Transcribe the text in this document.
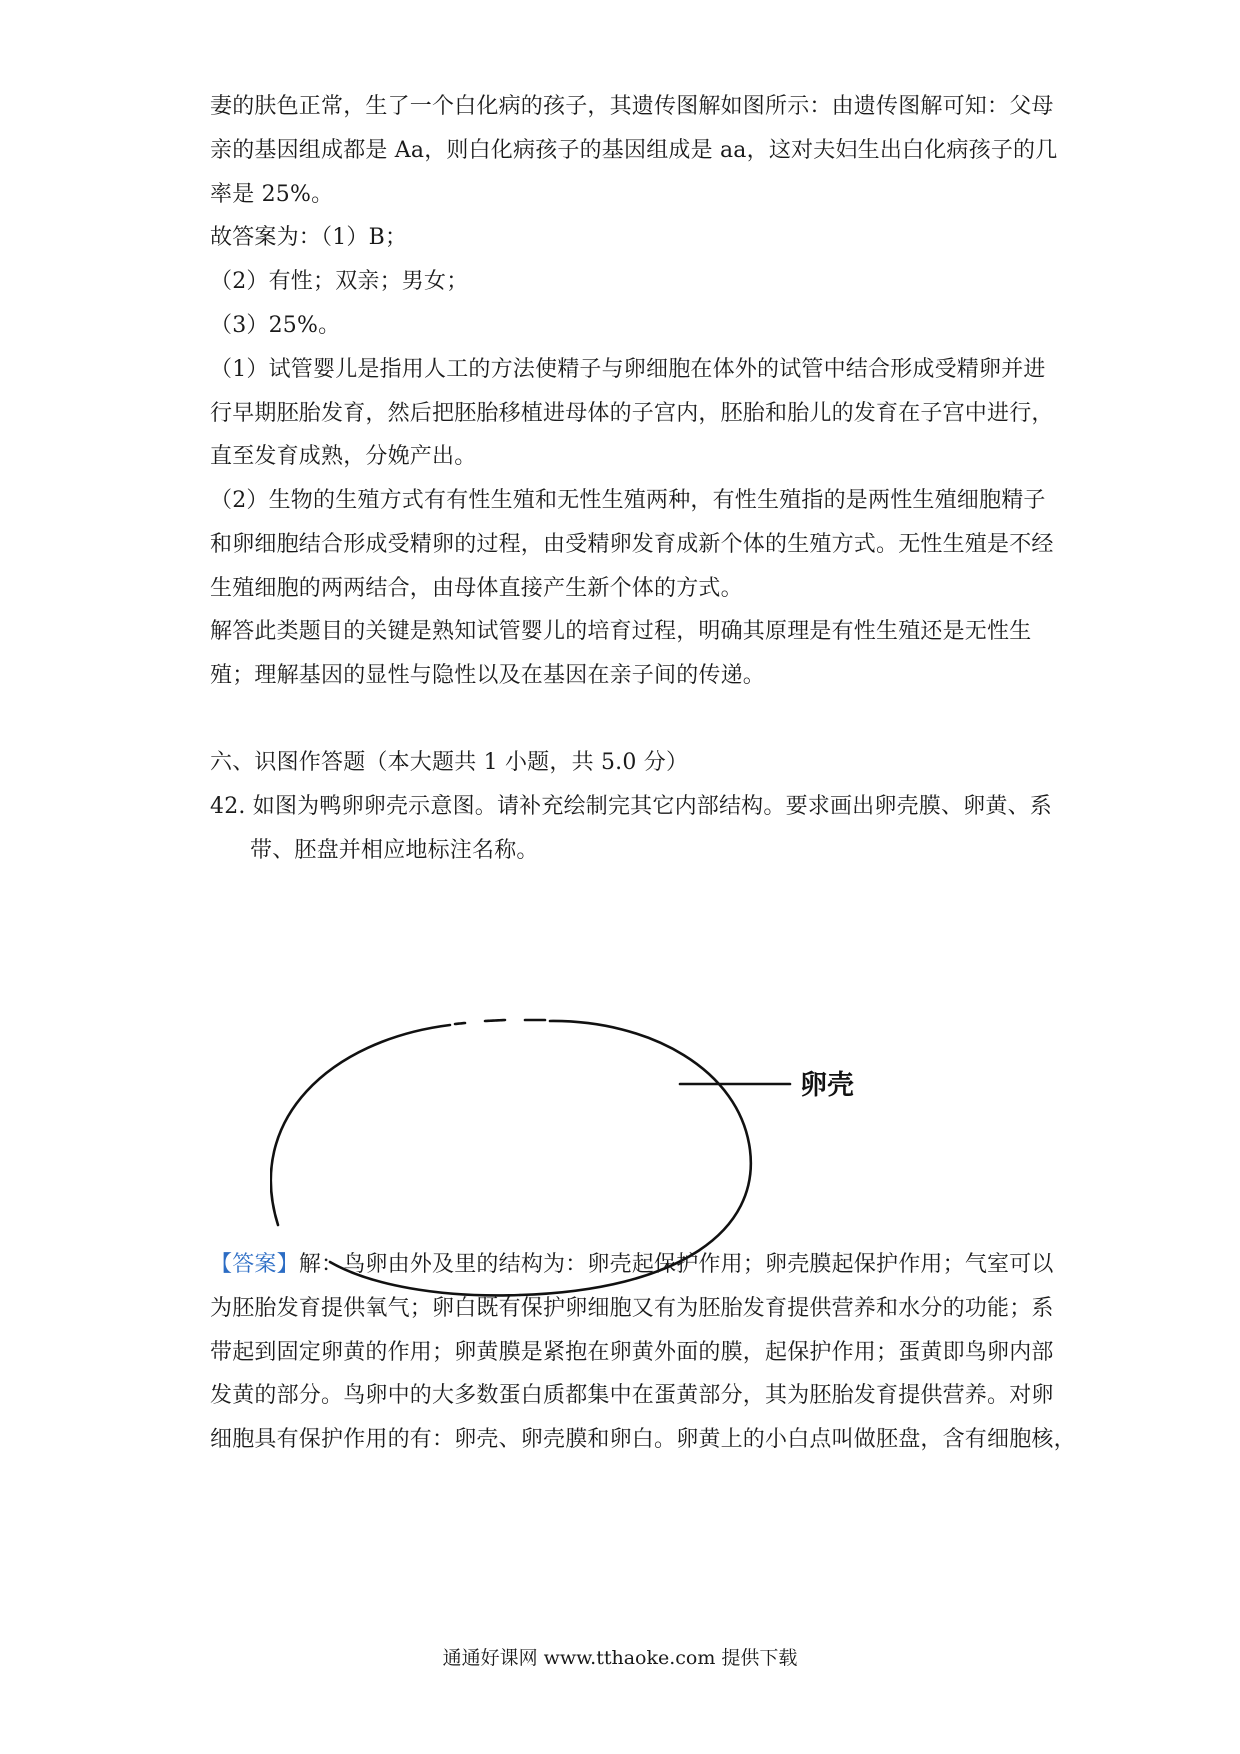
妻的肤色正常，生了一个白化病的孩子，其遗传图解如图所示：由遗传图解可知：父母
亲的基因组成都是 Aa，则白化病孩子的基因组成是 aa，这对夫妇生出白化病孩子的几
率是 25%。
故答案为：（1）B；
（2）有性；双亲；男女；
（3）25%。
（1）试管婴儿是指用人工的方法使精子与卵细胞在体外的试管中结合形成受精卵并进
行早期胚胎发育，然后把胚胎移植进母体的子宫内，胚胎和胎儿的发育在子宫中进行，
直至发育成熟，分娩产出。
（2）生物的生殖方式有有性生殖和无性生殖两种，有性生殖指的是两性生殖细胞精子
和卵细胞结合形成受精卵的过程，由受精卵发育成新个体的生殖方式。无性生殖是不经
生殖细胞的两两结合，由母体直接产生新个体的方式。
解答此类题目的关键是熟知试管婴儿的培育过程，明确其原理是有性生殖还是无性生
殖；理解基因的显性与隐性以及在基因在亲子间的传递。
六、识图作答题（本大题共 1 小题，共 5.0 分）
42. 如图为鸭卵卵壳示意图。请补充绘制完其它内部结构。要求画出卵壳膜、卵黄、系
带、胚盘并相应地标注名称。
卵壳
【答案】解：鸟卵由外及里的结构为：卵壳起保护作用；卵壳膜起保护作用；气室可以
为胚胎发育提供氧气；卵白既有保护卵细胞又有为胚胎发育提供营养和水分的功能；系
带起到固定卵黄的作用；卵黄膜是紧抱在卵黄外面的膜，起保护作用；蛋黄即鸟卵内部
发黄的部分。鸟卵中的大多数蛋白质都集中在蛋黄部分，其为胚胎发育提供营养。对卵
细胞具有保护作用的有：卵壳、卵壳膜和卵白。卵黄上的小白点叫做胚盘，含有细胞核，
通通好课网 www.tthaoke.com 提供下载
